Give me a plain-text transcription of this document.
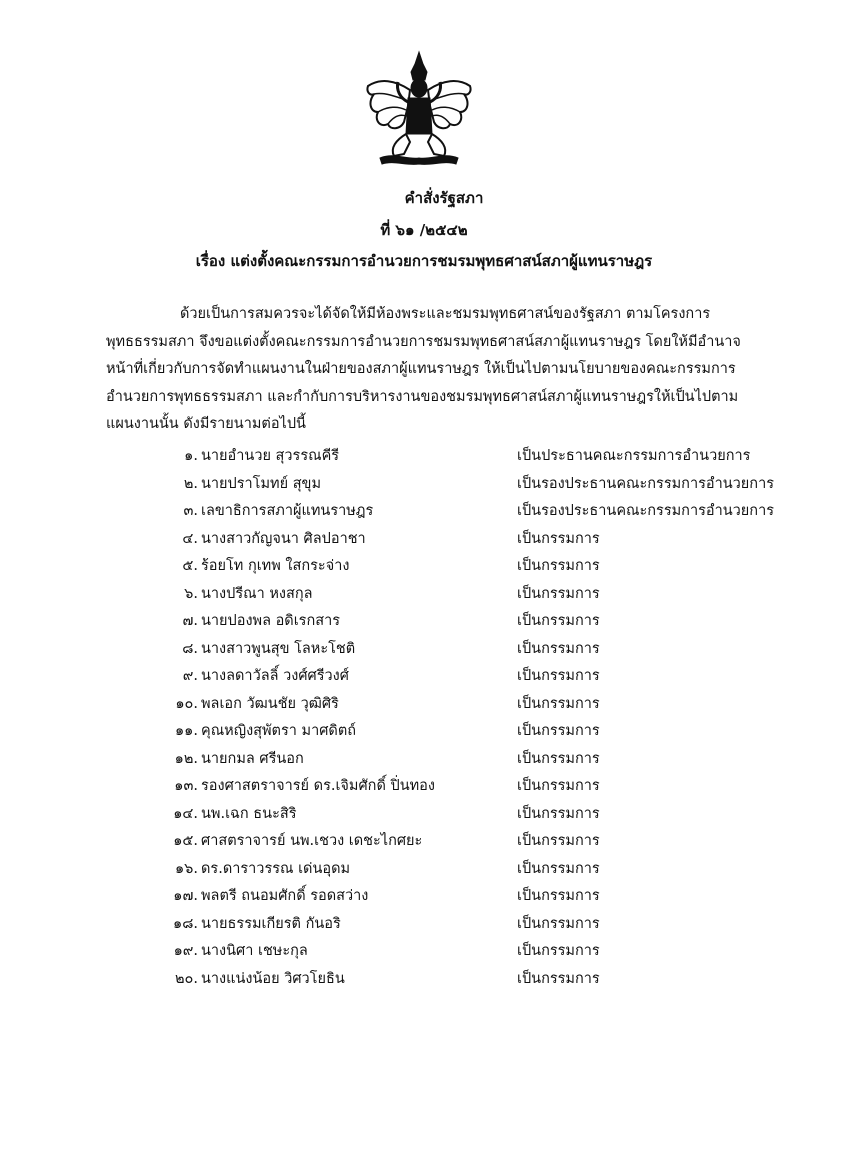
คำสั่งรัฐสภา
ที่ ๖๑ /๒๕๔๒
เรื่อง แต่งตั้งคณะกรรมการอำนวยการชมรมพุทธศาสน์สภาผู้แทนราษฎร
ด้วยเป็นการสมควรจะได้จัดให้มีห้องพระและชมรมพุทธศาสน์ของรัฐสภา ตามโครงการ
พุทธธรรมสภา จึงขอแต่งตั้งคณะกรรมการอำนวยการชมรมพุทธศาสน์สภาผู้แทนราษฎร โดยให้มีอำนาจ
หน้าที่เกี่ยวกับการจัดทำแผนงานในฝ่ายของสภาผู้แทนราษฎร ให้เป็นไปตามนโยบายของคณะกรรมการ
อำนวยการพุทธธรรมสภา และกำกับการบริหารงานของชมรมพุทธศาสน์สภาผู้แทนราษฎรให้เป็นไปตาม
แผนงานนั้น ดังมีรายนามต่อไปนี้
๑. นายอำนวย สุวรรณคีรี	เป็นประธานคณะกรรมการอำนวยการ
๒. นายปราโมทย์ สุขุม	เป็นรองประธานคณะกรรมการอำนวยการ
๓. เลขาธิการสภาผู้แทนราษฎร	เป็นรองประธานคณะกรรมการอำนวยการ
๔. นางสาวกัญจนา ศิลปอาชา	เป็นกรรมการ
๕. ร้อยโท กุเทพ ใสกระจ่าง	เป็นกรรมการ
๖. นางปรีณา หงสกุล	เป็นกรรมการ
๗. นายปองพล อดิเรกสาร	เป็นกรรมการ
๘. นางสาวพูนสุข โลหะโชติ	เป็นกรรมการ
๙. นางลดาวัลลิ์ วงศ์ศรีวงศ์	เป็นกรรมการ
๑๐. พลเอก วัฒนชัย วุฒิศิริ	เป็นกรรมการ
๑๑. คุณหญิงสุพัตรา มาศดิตถ์	เป็นกรรมการ
๑๒. นายกมล ศรีนอก	เป็นกรรมการ
๑๓. รองศาสตราจารย์ ดร.เจิมศักดิ์ ปิ่นทอง	เป็นกรรมการ
๑๔. นพ.เฉก ธนะสิริ	เป็นกรรมการ
๑๕. ศาสตราจารย์ นพ.เชวง เดชะไกศยะ	เป็นกรรมการ
๑๖. ดร.ดาราวรรณ เด่นอุดม	เป็นกรรมการ
๑๗. พลตรี ถนอมศักดิ์ รอดสว่าง	เป็นกรรมการ
๑๘. นายธรรมเกียรติ กันอริ	เป็นกรรมการ
๑๙. นางนิศา เชษะกุล	เป็นกรรมการ
๒๐. นางแน่งน้อย วิศวโยธิน	เป็นกรรมการ
